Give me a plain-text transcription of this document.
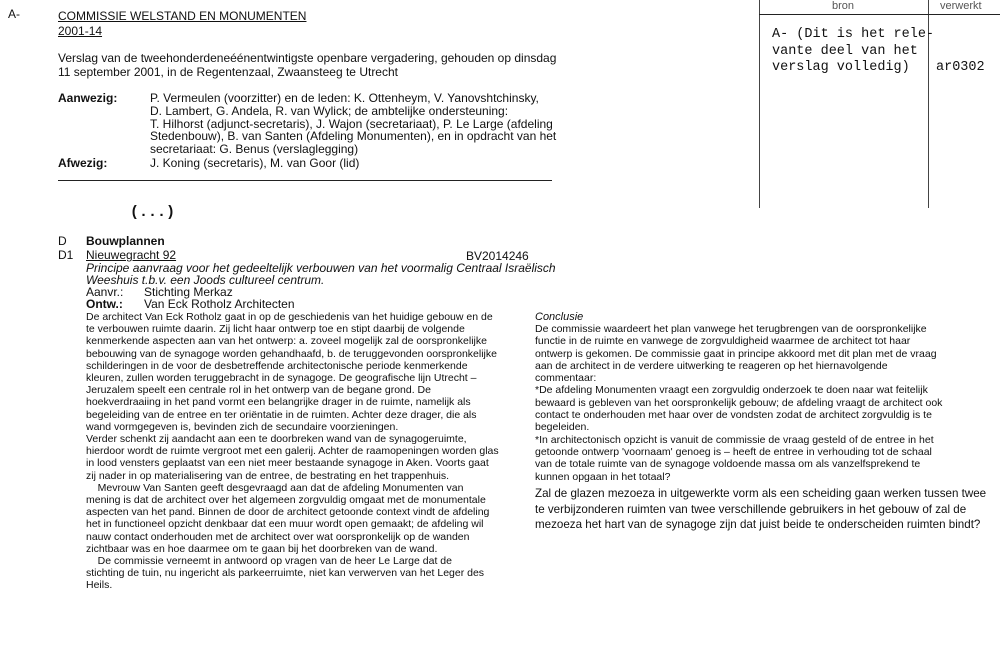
A-	COMMISSIE WELSTAND EN MONUMENTEN
2001-14
Verslag van de tweehonderdeneéénentwintigste openbare vergadering, gehouden op dinsdag
11 september 2001, in de Regentenzaal, Zwaansteeg te Utrecht
Aanwezig:	P. Vermeulen (voorzitter) en de leden: K. Ottenheym, V. Yanovshtchinsky,
D. Lambert, G. Andela, R. van Wylick; de ambtelijke ondersteuning:
T. Hilhorst (adjunct-secretaris), J. Wajon (secretariaat), P. Le Large (afdeling
Stedenbouw), B. van Santen (Afdeling Monumenten), en in opdracht van het
secretariaat: G. Benus (verslaglegging)
Afwezig:	J. Koning (secretaris), M. van Goor (lid)
(...)
bron	verwerkt
A- (Dit is het rele-
vante deel van het
verslag volledig)	ar0302
D Bouwplannen
D1 Nieuwegracht 92	BV2014246
Principe aanvraag voor het gedeeltelijk verbouwen van het voormalig Centraal Israëlisch
Weeshuis t.b.v. een Joods cultureel centrum.
Aanvr.: Stichting Merkaz
Ontw.: Van Eck Rotholz Architecten
De architect Van Eck Rotholz gaat in op de geschiedenis van het huidige gebouw en de
te verbouwen ruimte daarin. Zij licht haar ontwerp toe en stipt daarbij de volgende
kenmerkende aspecten aan van het ontwerp: a. zoveel mogelijk zal de oorspronkelijke
bebouwing van de synagoge worden gehandhaafd, b. de teruggevonden oorspronkelijke
schilderingen in de voor de desbetreffende architectonische periode kenmerkende
kleuren, zullen worden teruggebracht in de synagoge. De geografische lijn Utrecht –
Jeruzalem speelt een centrale rol in het ontwerp van de begane grond. De
hoekverdraaiing in het pand vormt een belangrijke drager in de ruimte, namelijk als
begeleiding van de entree en ter oriëntatie in de ruimten. Achter deze drager, die als
wand vormgegeven is, bevinden zich de secundaire voorzieningen.
Verder schenkt zij aandacht aan een te doorbreken wand van de synagogeruimte,
hierdoor wordt de ruimte vergroot met een galerij. Achter de raamopeningen worden glas
in lood vensters geplaatst van een niet meer bestaande synagoge in Aken. Voorts gaat
zij nader in op materialisering van de entree, de bestrating en het trappenhuis.
Mevrouw Van Santen geeft desgevraagd aan dat de afdeling Monumenten van
mening is dat de architect over het algemeen zorgvuldig omgaat met de monumentale
aspecten van het pand. Binnen de door de architect getoonde context vindt de afdeling
het in functioneel opzicht denkbaar dat een muur wordt open gemaakt; de afdeling wil
nauw contact onderhouden met de architect over wat oorspronkelijk op de wanden
zichtbaar was en hoe daarmee om te gaan bij het doorbreken van de wand.
De commissie verneemt in antwoord op vragen van de heer Le Large dat de
stichting de tuin, nu ingericht als parkeerruimte, niet kan verwerven van het Leger des
Heils.
Conclusie
De commissie waardeert het plan vanwege het terugbrengen van de oorspronkelijke
functie in de ruimte en vanwege de zorgvuldigheid waarmee de architect tot haar
ontwerp is gekomen. De commissie gaat in principe akkoord met dit plan met de vraag
aan de architect in de verdere uitwerking te reageren op het hiernavolgende
commentaar:
*De afdeling Monumenten vraagt een zorgvuldig onderzoek te doen naar wat feitelijk
bewaard is gebleven van het oorspronkelijk gebouw; de afdeling vraagt de architect ook
contact te onderhouden met haar over de vondsten zodat de architect zorgvuldig is te
begeleiden.
*In architectonisch opzicht is vanuit de commissie de vraag gesteld of de entree in het
getoonde ontwerp 'voornaam' genoeg is – heeft de entree in verhouding tot de schaal
van de totale ruimte van de synagoge voldoende massa om als vanzelfsprekend te
kunnen opgaan in het totaal?
Zal de glazen mezoeza in uitgewerkte vorm als een scheiding gaan werken tussen twee
te verbijzonderen ruimten van twee verschillende gebruikers in het gebouw of zal de
mezoeza het hart van de synagoge zijn dat juist beide te onderscheiden ruimten bindt?
